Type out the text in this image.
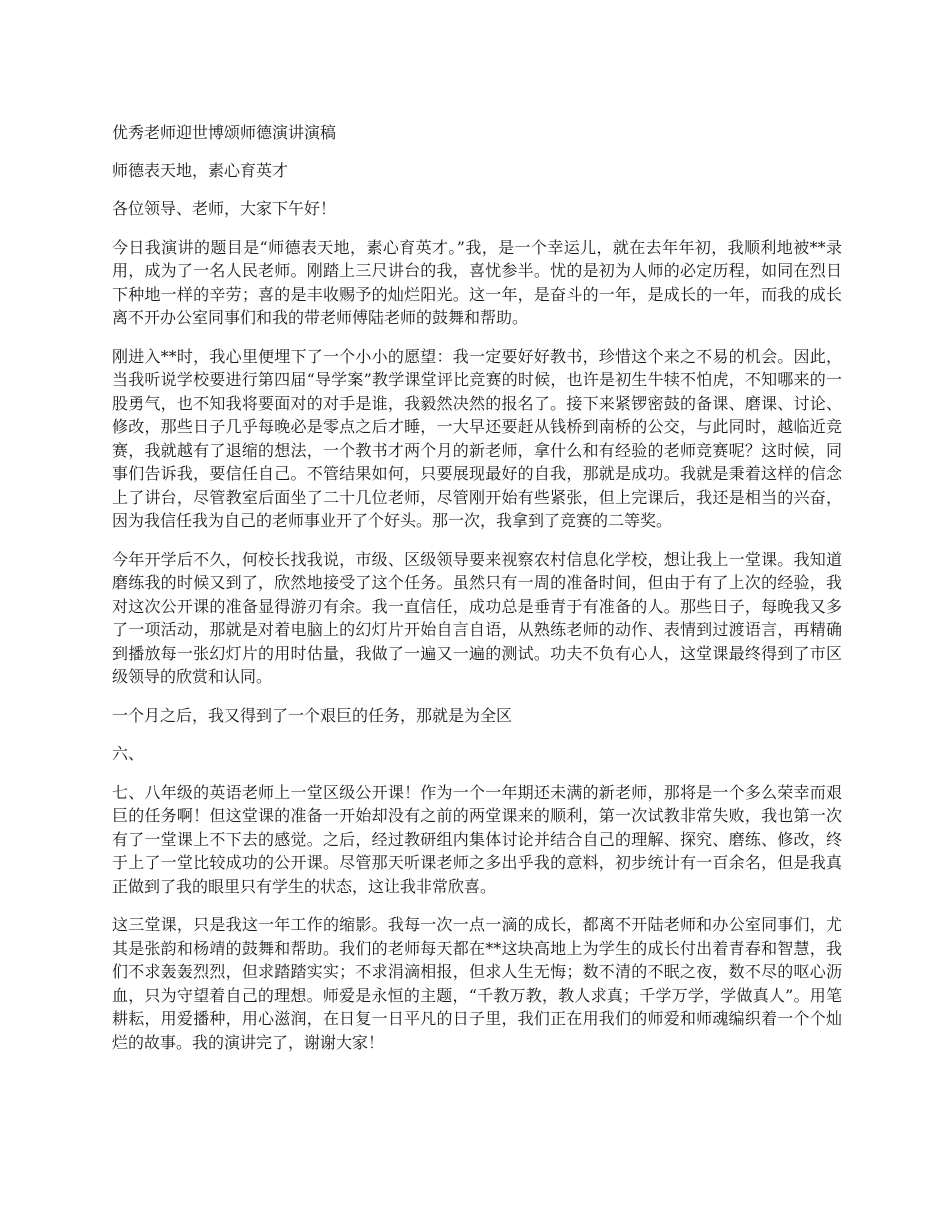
优秀老师迎世博颂师德演讲演稿

师德表天地，素心育英才

各位领导、老师，大家下午好！

今日我演讲的题目是“师德表天地，素心育英才。”我，是一个幸运儿，就在去年年初，我顺利地被**录用，成为了一名人民老师。刚踏上三尺讲台的我，喜忧参半。忧的是初为人师的必定历程，如同在烈日下种地一样的辛劳；喜的是丰收赐予的灿烂阳光。这一年，是奋斗的一年，是成长的一年，而我的成长离不开办公室同事们和我的带老师傅陆老师的鼓舞和帮助。

刚进入**时，我心里便埋下了一个小小的愿望：我一定要好好教书，珍惜这个来之不易的机会。因此，当我听说学校要进行第四届“导学案”教学课堂评比竞赛的时候，也许是初生牛犊不怕虎，不知哪来的一股勇气，也不知我将要面对的对手是谁，我毅然决然的报名了。接下来紧锣密鼓的备课、磨课、讨论、修改，那些日子几乎每晚必是零点之后才睡，一大早还要赶从钱桥到南桥的公交，与此同时，越临近竞赛，我就越有了退缩的想法，一个教书才两个月的新老师，拿什么和有经验的老师竞赛呢？这时候，同事们告诉我，要信任自己。不管结果如何，只要展现最好的自我，那就是成功。我就是秉着这样的信念上了讲台，尽管教室后面坐了二十几位老师，尽管刚开始有些紧张，但上完课后，我还是相当的兴奋，因为我信任我为自己的老师事业开了个好头。那一次，我拿到了竞赛的二等奖。

今年开学后不久，何校长找我说，市级、区级领导要来视察农村信息化学校，想让我上一堂课。我知道磨练我的时候又到了，欣然地接受了这个任务。虽然只有一周的准备时间，但由于有了上次的经验，我对这次公开课的准备显得游刃有余。我一直信任，成功总是垂青于有准备的人。那些日子，每晚我又多了一项活动，那就是对着电脑上的幻灯片开始自言自语，从熟练老师的动作、表情到过渡语言，再精确到播放每一张幻灯片的用时估量，我做了一遍又一遍的测试。功夫不负有心人，这堂课最终得到了市区级领导的欣赏和认同。

一个月之后，我又得到了一个艰巨的任务，那就是为全区

六、

七、八年级的英语老师上一堂区级公开课！作为一个一年期还未满的新老师，那将是一个多么荣幸而艰巨的任务啊！但这堂课的准备一开始却没有之前的两堂课来的顺利，第一次试教非常失败，我也第一次有了一堂课上不下去的感觉。之后，经过教研组内集体讨论并结合自己的理解、探究、磨练、修改，终于上了一堂比较成功的公开课。尽管那天听课老师之多出乎我的意料，初步统计有一百余名，但是我真正做到了我的眼里只有学生的状态，这让我非常欣喜。

这三堂课，只是我这一年工作的缩影。我每一次一点一滴的成长，都离不开陆老师和办公室同事们，尤其是张韵和杨靖的鼓舞和帮助。我们的老师每天都在**这块高地上为学生的成长付出着青春和智慧，我们不求轰轰烈烈，但求踏踏实实；不求涓滴相报，但求人生无悔；数不清的不眠之夜，数不尽的呕心沥血，只为守望着自己的理想。师爱是永恒的主题，“千教万教，教人求真；千学万学，学做真人”。用笔耕耘，用爱播种，用心滋润，在日复一日平凡的日子里，我们正在用我们的师爱和师魂编织着一个个灿烂的故事。我的演讲完了，谢谢大家！
